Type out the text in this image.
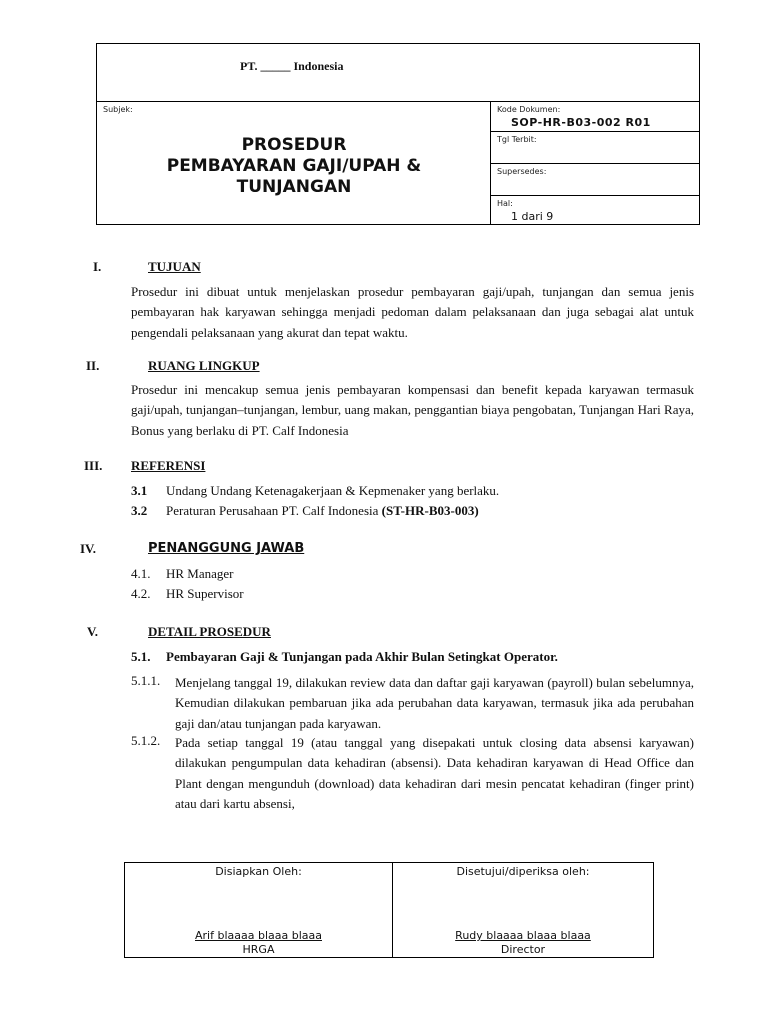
PT. _____ Indonesia
Subjek:
PROSEDUR
PEMBAYARAN GAJI/UPAH &
TUNJANGAN
Kode Dokumen:
SOP-HR-B03-002 R01
Tgl Terbit:
Supersedes:
Hal:
1 dari 9
I.	TUJUAN
Prosedur ini dibuat untuk menjelaskan prosedur pembayaran gaji/upah, tunjangan dan semua jenis pembayaran hak karyawan sehingga menjadi pedoman dalam pelaksanaan dan juga sebagai alat untuk pengendali pelaksanaan yang akurat dan tepat waktu.
II.	RUANG LINGKUP
Prosedur ini mencakup semua jenis pembayaran kompensasi dan benefit kepada karyawan termasuk gaji/upah, tunjangan–tunjangan, lembur, uang makan, penggantian biaya pengobatan, Tunjangan Hari Raya, Bonus yang berlaku di PT. Calf Indonesia
III. REFERENSI
3.1 Undang Undang Ketenagakerjaan & Kepmenaker yang berlaku.
3.2 Peraturan Perusahaan PT. Calf Indonesia (ST-HR-B03-003)
IV.	PENANGGUNG JAWAB
4.1. HR Manager
4.2. HR Supervisor
V.	DETAIL PROSEDUR
5.1. Pembayaran Gaji & Tunjangan pada Akhir Bulan Setingkat Operator.
5.1.1. Menjelang tanggal 19, dilakukan review data dan daftar gaji karyawan (payroll) bulan sebelumnya, Kemudian dilakukan pembaruan jika ada perubahan data karyawan, termasuk jika ada perubahan gaji dan/atau tunjangan pada karyawan.
5.1.2. Pada setiap tanggal 19 (atau tanggal yang disepakati untuk closing data absensi karyawan) dilakukan pengumpulan data kehadiran (absensi). Data kehadiran karyawan di Head Office dan Plant dengan mengunduh (download) data kehadiran dari mesin pencatat kehadiran (finger print) atau dari kartu absensi,
Disiapkan Oleh:
Arif blaaaa blaaa blaaa
HRGA
Disetujui/diperiksa oleh:
Rudy blaaaa blaaa blaaa
Director
